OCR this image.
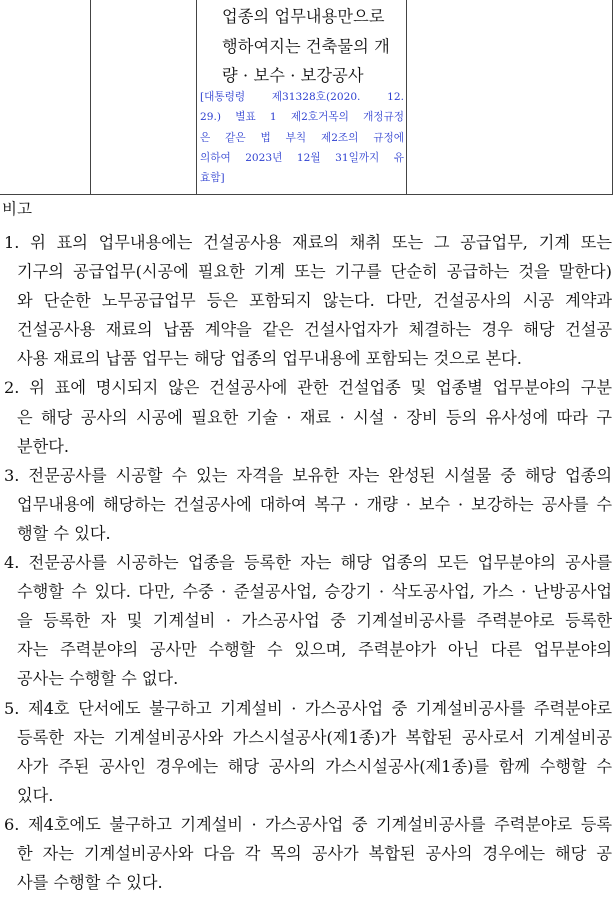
업종의 업무내용만으로
행하여지는 건축물의 개
량 · 보수 · 보강공사
[대통령령 제31328호(2020. 12.
29.) 별표 1 제2호거목의 개정규정
은 같은 법 부칙 제2조의 규정에
의하여 2023년 12월 31일까지 유
효함]
비고
1. 위 표의 업무내용에는 건설공사용 재료의 채취 또는 그 공급업무, 기계 또는
기구의 공급업무(시공에 필요한 기계 또는 기구를 단순히 공급하는 것을 말한다)
와 단순한 노무공급업무 등은 포함되지 않는다. 다만, 건설공사의 시공 계약과
건설공사용 재료의 납품 계약을 같은 건설사업자가 체결하는 경우 해당 건설공
사용 재료의 납품 업무는 해당 업종의 업무내용에 포함되는 것으로 본다.
2. 위 표에 명시되지 않은 건설공사에 관한 건설업종 및 업종별 업무분야의 구분
은 해당 공사의 시공에 필요한 기술 · 재료 · 시설 · 장비 등의 유사성에 따라 구
분한다.
3. 전문공사를 시공할 수 있는 자격을 보유한 자는 완성된 시설물 중 해당 업종의
업무내용에 해당하는 건설공사에 대하여 복구 · 개량 · 보수 · 보강하는 공사를 수
행할 수 있다.
4. 전문공사를 시공하는 업종을 등록한 자는 해당 업종의 모든 업무분야의 공사를
수행할 수 있다. 다만, 수중 · 준설공사업, 승강기 · 삭도공사업, 가스 · 난방공사업
을 등록한 자 및 기계설비 · 가스공사업 중 기계설비공사를 주력분야로 등록한
자는 주력분야의 공사만 수행할 수 있으며, 주력분야가 아닌 다른 업무분야의
공사는 수행할 수 없다.
5. 제4호 단서에도 불구하고 기계설비 · 가스공사업 중 기계설비공사를 주력분야로
등록한 자는 기계설비공사와 가스시설공사(제1종)가 복합된 공사로서 기계설비공
사가 주된 공사인 경우에는 해당 공사의 가스시설공사(제1종)를 함께 수행할 수
있다.
6. 제4호에도 불구하고 기계설비 · 가스공사업 중 기계설비공사를 주력분야로 등록
한 자는 기계설비공사와 다음 각 목의 공사가 복합된 공사의 경우에는 해당 공
사를 수행할 수 있다.
